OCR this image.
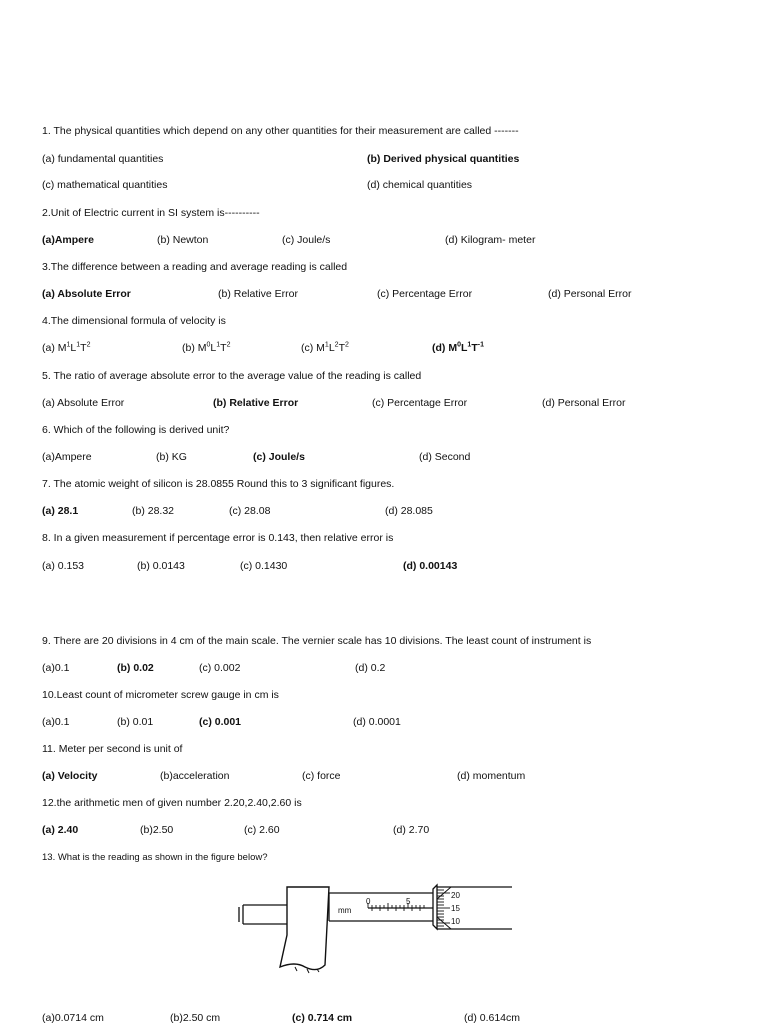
1. The physical quantities which depend on any other quantities for their measurement are called -------
(a) fundamental quantities	(b) Derived physical quantities
(c) mathematical quantities	(d) chemical quantities
2.Unit of Electric current in SI system is----------
(a)Ampere	(b) Newton	(c) Joule/s	(d) Kilogram- meter
3.The difference between a reading and average reading is called
(a) Absolute Error	(b) Relative Error	(c) Percentage Error	(d) Personal Error
4.The dimensional formula of velocity is
(a) $M^1L^1T^2$	(b) $M^0L^1T^2$	(c) $M^1L^2T^2$	(d) $M^0L^1T^{-1}$
5. The ratio of average absolute error to the average value of the reading is called
(a) Absolute Error	(b) Relative Error	(c) Percentage Error	(d) Personal Error
6. Which of the following is derived unit?
(a)Ampere	(b) KG	(c) Joule/s	(d) Second
7. The atomic weight of silicon is 28.0855 Round this to 3 significant figures.
(a) 28.1	(b) 28.32	(c) 28.08	(d) 28.085
8. In a given measurement if percentage error is 0.143, then relative error is
(a) 0.153	(b) 0.0143	(c) 0.1430	(d) 0.00143
9. There are 20 divisions in 4 cm of the main scale. The vernier scale has 10 divisions. The least count of instrument is
(a)0.1	(b) 0.02	(c) 0.002	(d) 0.2
10.Least count of micrometer screw gauge in cm is
(a)0.1	(b) 0.01	(c) 0.001	(d) 0.0001
11. Meter per second is unit of
(a) Velocity	(b)acceleration	(c) force	(d) momentum
12.the arithmetic men of given number 2.20,2.40,2.60 is
(a) 2.40	(b)2.50	(c) 2.60	(d) 2.70
13. What is the reading as shown in the figure below?
mm
0	5
20
15
10
(a)0.0714 cm	(b)2.50 cm	(c) 0.714 cm	(d) 0.614cm
